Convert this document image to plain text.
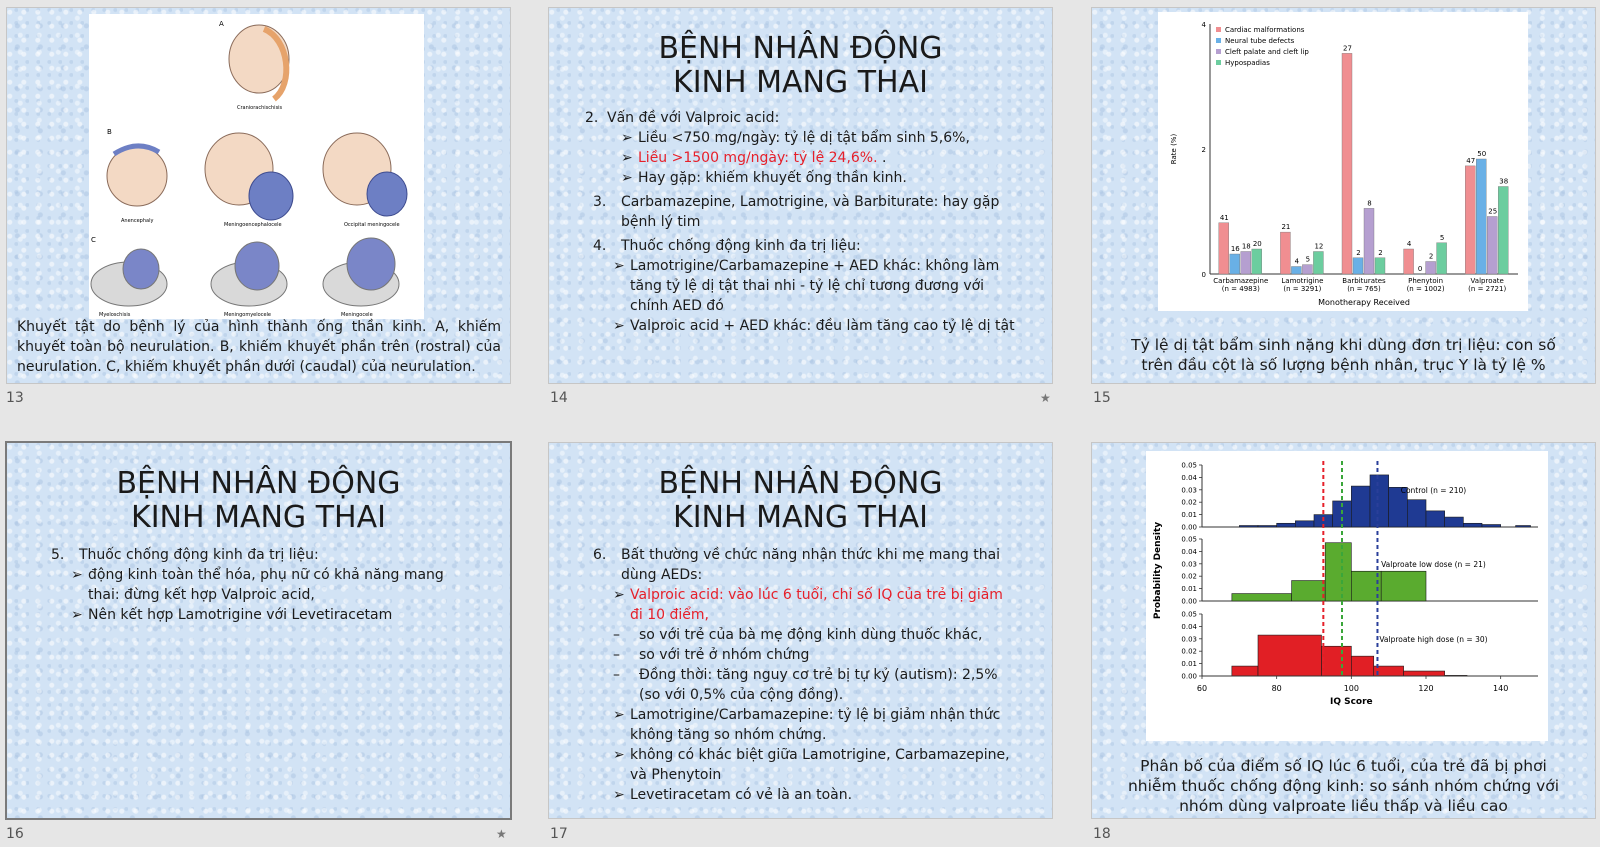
A
Craniorachischisis
B
Anencephaly
Meningoencephalocele	Occipital meningocele
C
Myeloschisis	Meningomyelocele	Meningocele
Khuyết tật do bệnh lý của hình thành ống thần kinh. A, khiếm khuyết toàn bộ neurulation. B, khiếm khuyết phần trên (rostral) của neurulation. C, khiếm khuyết phần dưới (caudal) của neurulation.
13
BỆNH NHÂN ĐỘNG KINH MANG THAI
2. Vấn đề với Valproic acid:
➢ Liều <750 mg/ngày: tỷ lệ dị tật bẩm sinh 5,6%,
➢ Liều >1500 mg/ngày: tỷ lệ 24,6%. .
➢ Hay gặp: khiếm khuyết ống thần kinh.
3.	Carbamazepine, Lamotrigine, và Barbiturate: hay gặp bệnh lý tim
4.	Thuốc chống động kinh đa trị liệu:
➢ Lamotrigine/Carbamazepine + AED khác: không làm tăng tỷ lệ dị tật thai nhi - tỷ lệ chỉ tương đương với chính AED đó
➢ Valproic acid + AED khác: đều làm tăng cao tỷ lệ dị tật
14	★
0
2
4
Rate (%)
Monotherapy Received
41
16 18 20
Carbamazepine
(n = 4983)
21
4 5
12
Lamotrigine
(n = 3291)
27
2
8
2
Barbiturates
(n = 765)
4
0
2
5
Phenytoin
(n = 1002)
47
50
25
38
Valproate
(n = 2721)
Cardiac malformations
Neural tube defects
Cleft palate and cleft lip
Hypospadias
Tỷ lệ dị tật bẩm sinh nặng khi dùng đơn trị liệu: con số trên đầu cột là số lượng bệnh nhân, trục Y là tỷ lệ %
15
BỆNH NHÂN ĐỘNG KINH MANG THAI
5.	Thuốc chống động kinh đa trị liệu:
➢ động kinh toàn thể hóa, phụ nữ có khả năng mang thai: đừng kết hợp Valproic acid,
➢ Nên kết hợp Lamotrigine với Levetiracetam
16	★
BỆNH NHÂN ĐỘNG KINH MANG THAI
6.	Bất thường về chức năng nhận thức khi mẹ mang thai dùng AEDs:
➢ Valproic acid: vào lúc 6 tuổi, chỉ số IQ của trẻ bị giảm đi 10 điểm,
–	so với trẻ của bà mẹ động kinh dùng thuốc khác,
–	so với trẻ ở nhóm chứng
–	Đồng thời: tăng nguy cơ trẻ bị tự kỷ (autism): 2,5% (so với 0,5% của cộng đồng).
➢ Lamotrigine/Carbamazepine: tỷ lệ bị giảm nhận thức không tăng so nhóm chứng.
➢ không có khác biệt giữa Lamotrigine, Carbamazepine, và Phenytoin
➢ Levetiracetam có vẻ là an toàn.
17
0.00
0.01
0.02
0.03
0.04
0.05
Control (n = 210)
0.00
0.01
0.02
0.03
0.04
0.05
Valproate low dose (n = 21)
0.00
0.01
0.02
0.03
0.04
0.05
Valproate high dose (n = 30)
60	80	100	120	140
IQ Score
Probability Density
Phân bố của điểm số IQ lúc 6 tuổi, của trẻ đã bị phơi nhiễm thuốc chống động kinh: so sánh nhóm chứng với nhóm dùng valproate liều thấp và liều cao
18
